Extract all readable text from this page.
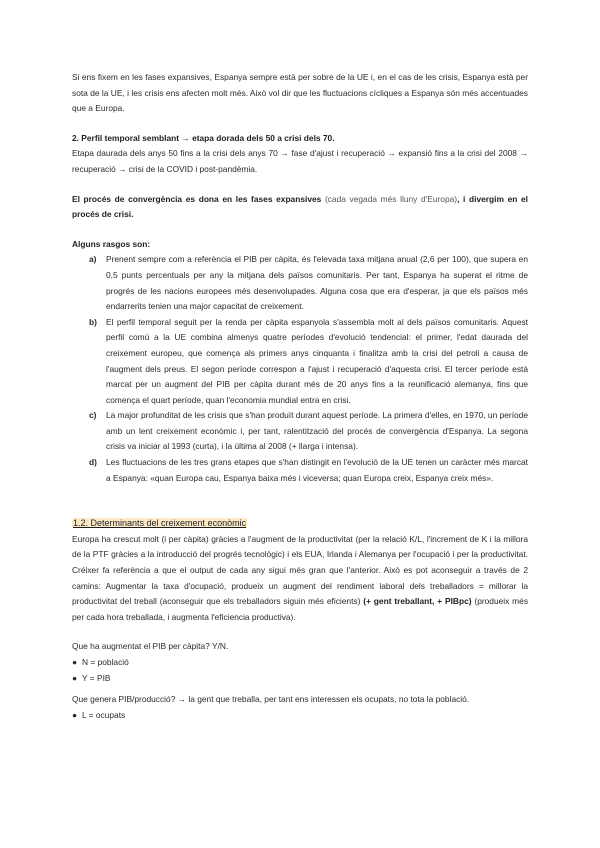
Si ens fixem en les fases expansives, Espanya sempre està per sobre de la UE i, en el cas de les crisis, Espanya està per sota de la UE, i les crisis ens afecten molt més. Això vol dir que les fluctuacions cícliques a Espanya són més accentuades que a Europa.

2. Perfil temporal semblant → etapa dorada dels 50 a crisi dels 70.

Etapa daurada dels anys 50 fins a la crisi dels anys 70 → fase d'ajust i recuperació → expansió fins a la crisi del 2008 → recuperació → crisi de la COVID i post-pandèmia.

El procés de convergència es dona en les fases expansives (cada vegada més lluny d'Europa), i divergim en el procés de crisi.

Alguns rasgos son:

a) Prenent sempre com a referència el PIB per càpita, és l'elevada taxa mitjana anual (2,6 per 100), que supera en 0,5 punts percentuals per any la mitjana dels països comunitaris. Per tant, Espanya ha superat el ritme de progrés de les nacions europees més desenvolupades. Alguna cosa que era d'esperar, ja que els països més endarrerits tenien una major capacitat de creixement.
b) El perfil temporal seguit per la renda per càpita espanyola s'assembla molt al dels països comunitaris. Aquest perfil comú a la UE combina almenys quatre períodes d'evolució tendencial: el primer, l'edat daurada del creixement europeu, que comença als primers anys cinquanta i finalitza amb la crisi del petroli a causa de l'augment dels preus. El segon període correspon a l'ajust i recuperació d'aquesta crisi. El tercer període està marcat per un augment del PIB per càpita durant més de 20 anys fins a la reunificació alemanya, fins que comença el quart període, quan l'economia mundial entra en crisi.
c) La major profunditat de les crisis que s'han produït durant aquest període. La primera d'elles, en 1970, un període amb un lent creixement econòmic i, per tant, ralentització del procés de convergència d'Espanya. La segona crisis va iniciar al 1993 (curta), i la última al 2008 (+ llarga i intensa).
d) Les fluctuacions de les tres grans etapes que s'han distingit en l'evolució de la UE tenen un caràcter més marcat a Espanya: «quan Europa cau, Espanya baixa més i viceversa; quan Europa creix, Espanya creix més».

1.2. Determinants del creixement econòmic

Europa ha crescut molt (i per càpita) gràcies a l'augment de la productivitat (per la relació K/L, l'increment de K i la millora de la PTF gràcies a la introducció del progrés tecnològic) i els EUA, Irlanda i Alemanya per l'ocupació i per la productivitat. Créixer fa referència a que el output de cada any sigui més gran que l'anterior. Això es pot aconseguir a través de 2 camins: Augmentar la taxa d'ocupació, produeix un augment del rendiment laboral dels treballadors = millorar la productivitat del treball (aconseguir que els treballadors siguin més eficients) (+ gent treballant, + PIBpc) (produeix més per cada hora treballada, i augmenta l'eficiencia productiva).

Que ha augmentat el PIB per càpita? Y/N.

● N = població
● Y = PIB

Que genera PIB/producció? → la gent que treballa, per tant ens interessen els ocupats, no tota la població.

● L = ocupats
